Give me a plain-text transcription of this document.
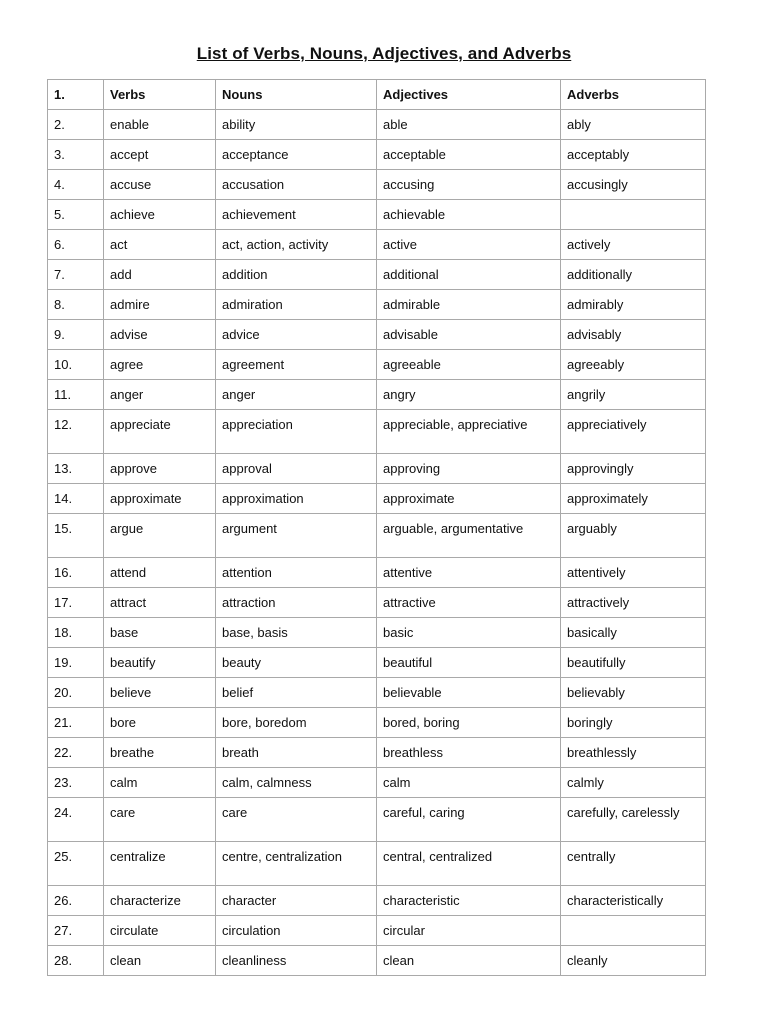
List of Verbs, Nouns, Adjectives, and Adverbs
1.	Verbs	Nouns	Adjectives	Adverbs
2.	enable	ability	able	ably
3.	accept	acceptance	acceptable	acceptably
4.	accuse	accusation	accusing	accusingly
5.	achieve	achievement	achievable	
6.	act	act, action, activity	active	actively
7.	add	addition	additional	additionally
8.	admire	admiration	admirable	admirably
9.	advise	advice	advisable	advisably
10.	agree	agreement	agreeable	agreeably
11.	anger	anger	angry	angrily
12.	appreciate	appreciation	appreciable, appreciative	appreciatively
13.	approve	approval	approving	approvingly
14.	approximate	approximation	approximate	approximately
15.	argue	argument	arguable, argumentative	arguably
16.	attend	attention	attentive	attentively
17.	attract	attraction	attractive	attractively
18.	base	base, basis	basic	basically
19.	beautify	beauty	beautiful	beautifully
20.	believe	belief	believable	believably
21.	bore	bore, boredom	bored, boring	boringly
22.	breathe	breath	breathless	breathlessly
23.	calm	calm, calmness	calm	calmly
24.	care	care	careful, caring	carefully, carelessly
25.	centralize	centre, centralization	central, centralized	centrally
26.	characterize	character	characteristic	characteristically
27.	circulate	circulation	circular	
28.	clean	cleanliness	clean	cleanly
